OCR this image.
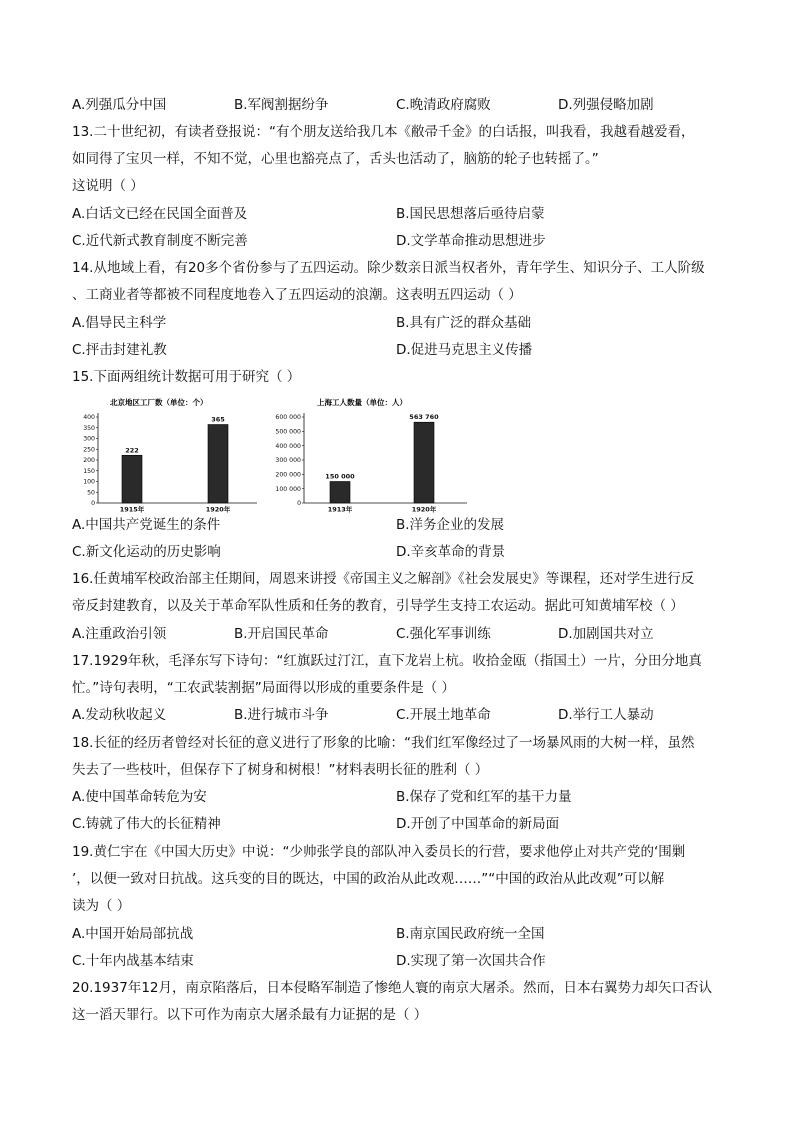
A.列强瓜分中国	B.军阀割据纷争	C.晚清政府腐败	D.列强侵略加剧
13.二十世纪初，有读者登报说：“有个朋友送给我几本《敝帚千金》的白话报，叫我看，我越看越爱看，
如同得了宝贝一样，不知不觉，心里也豁亮点了，舌头也活动了，脑筋的轮子也转摇了。”
这说明（ ）
A.白话文已经在民国全面普及	B.国民思想落后亟待启蒙
C.近代新式教育制度不断完善	D.文学革命推动思想进步
14.从地域上看，有20多个省份参与了五四运动。除少数亲日派当权者外，青年学生、知识分子、工人阶级
、工商业者等都被不同程度地卷入了五四运动的浪潮。这表明五四运动（ ）
A.倡导民主科学	B.具有广泛的群众基础
C.抨击封建礼教	D.促进马克思主义传播
15.下面两组统计数据可用于研究（ ）
北京地区工厂数（单位：个）
0
50
100
150
200
250
300
350
400
222
1915年
365
1920年
上海工人数量（单位：人）
0
100 000
200 000
300 000
400 000
500 000
600 000
150 000
1913年
563 760
1920年
A.中国共产党诞生的条件	B.洋务企业的发展
C.新文化运动的历史影响	D.辛亥革命的背景
16.任黄埔军校政治部主任期间，周恩来讲授《帝国主义之解剖》《社会发展史》等课程，还对学生进行反
帝反封建教育，以及关于革命军队性质和任务的教育，引导学生支持工农运动。据此可知黄埔军校（ ）
A.注重政治引领	B.开启国民革命	C.强化军事训练	D.加剧国共对立
17.1929年秋，毛泽东写下诗句：“红旗跃过汀江，直下龙岩上杭。收拾金瓯（指国土）一片，分田分地真
忙。”诗句表明，“工农武装割据”局面得以形成的重要条件是（ ）
A.发动秋收起义	B.进行城市斗争	C.开展土地革命	D.举行工人暴动
18.长征的经历者曾经对长征的意义进行了形象的比喻：“我们红军像经过了一场暴风雨的大树一样，虽然
失去了一些枝叶，但保存下了树身和树根！”材料表明长征的胜利（ ）
A.使中国革命转危为安	B.保存了党和红军的基干力量
C.铸就了伟大的长征精神	D.开创了中国革命的新局面
19.黄仁宇在《中国大历史》中说：“少帅张学良的部队冲入委员长的行营，要求他停止对共产党的‘围剿
’，以便一致对日抗战。这兵变的目的既达，中国的政治从此改观……”“中国的政治从此改观”可以解
读为（ ）
A.中国开始局部抗战	B.南京国民政府统一全国
C.十年内战基本结束	D.实现了第一次国共合作
20.1937年12月，南京陷落后，日本侵略军制造了惨绝人寰的南京大屠杀。然而，日本右翼势力却矢口否认
这一滔天罪行。以下可作为南京大屠杀最有力证据的是（ ）
